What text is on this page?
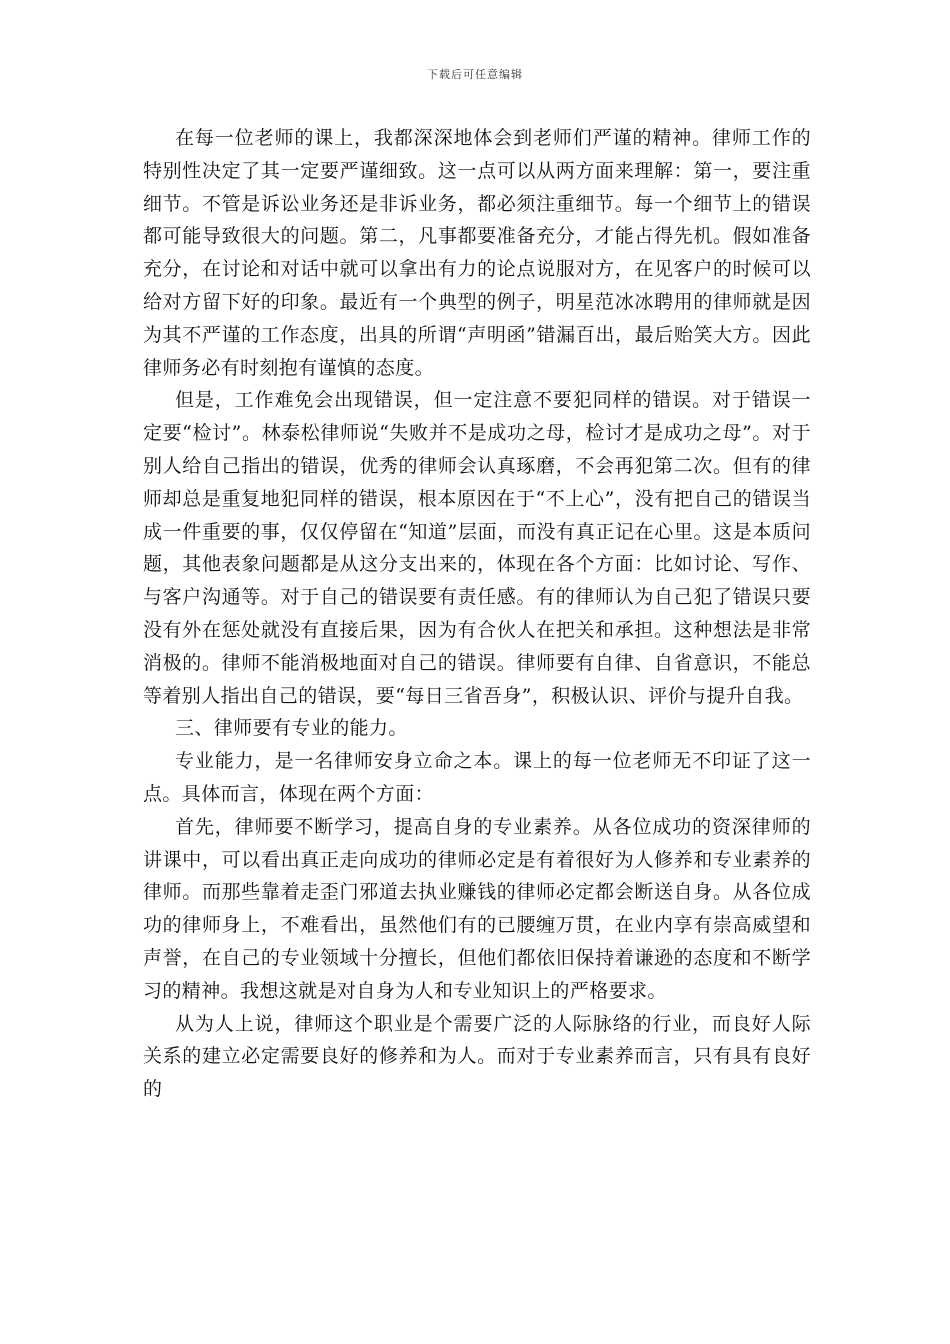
下载后可任意编辑

在每一位老师的课上，我都深深地体会到老师们严谨的精神。律师工作的特别性决定了其一定要严谨细致。这一点可以从两方面来理解：第一，要注重细节。不管是诉讼业务还是非诉业务，都必须注重细节。每一个细节上的错误都可能导致很大的问题。第二，凡事都要准备充分，才能占得先机。假如准备充分，在讨论和对话中就可以拿出有力的论点说服对方，在见客户的时候可以给对方留下好的印象。最近有一个典型的例子，明星范冰冰聘用的律师就是因为其不严谨的工作态度，出具的所谓“声明函”错漏百出，最后贻笑大方。因此律师务必有时刻抱有谨慎的态度。

但是，工作难免会出现错误，但一定注意不要犯同样的错误。对于错误一定要“检讨”。林泰松律师说“失败并不是成功之母，检讨才是成功之母”。对于别人给自己指出的错误，优秀的律师会认真琢磨，不会再犯第二次。但有的律师却总是重复地犯同样的错误，根本原因在于“不上心”，没有把自己的错误当成一件重要的事，仅仅停留在“知道”层面，而没有真正记在心里。这是本质问题，其他表象问题都是从这分支出来的，体现在各个方面：比如讨论、写作、与客户沟通等。对于自己的错误要有责任感。有的律师认为自己犯了错误只要没有外在惩处就没有直接后果，因为有合伙人在把关和承担。这种想法是非常消极的。律师不能消极地面对自己的错误。律师要有自律、自省意识，不能总等着别人指出自己的错误，要“每日三省吾身”，积极认识、评价与提升自我。

三、律师要有专业的能力。

专业能力，是一名律师安身立命之本。课上的每一位老师无不印证了这一点。具体而言，体现在两个方面：

首先，律师要不断学习，提高自身的专业素养。从各位成功的资深律师的讲课中，可以看出真正走向成功的律师必定是有着很好为人修养和专业素养的律师。而那些靠着走歪门邪道去执业赚钱的律师必定都会断送自身。从各位成功的律师身上，不难看出，虽然他们有的已腰缠万贯，在业内享有崇高威望和声誉，在自己的专业领域十分擅长，但他们都依旧保持着谦逊的态度和不断学习的精神。我想这就是对自身为人和专业知识上的严格要求。

从为人上说，律师这个职业是个需要广泛的人际脉络的行业，而良好人际关系的建立必定需要良好的修养和为人。而对于专业素养而言，只有具有良好的
